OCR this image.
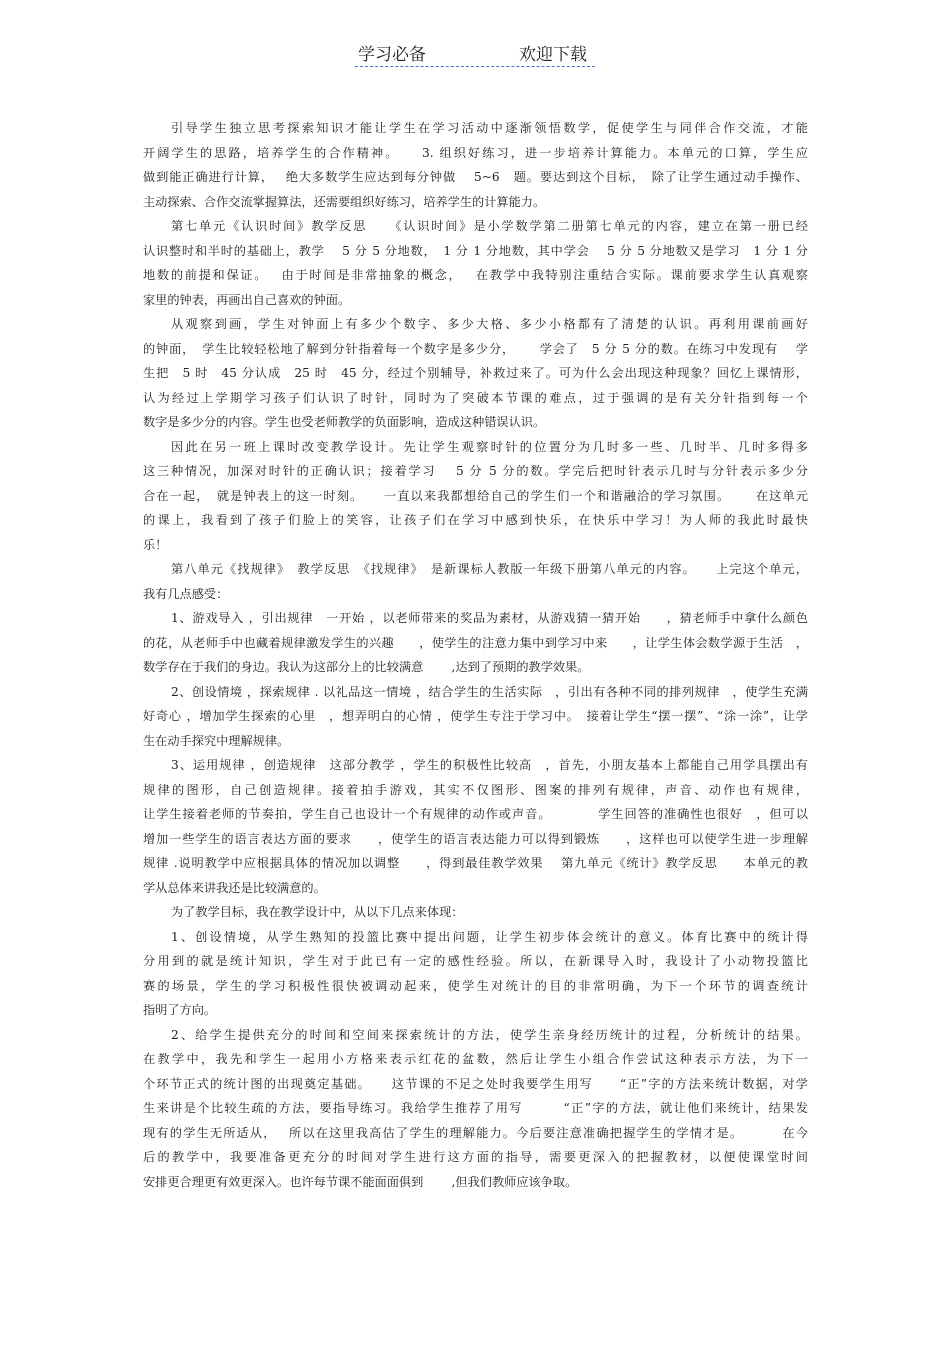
学习必备	欢迎下载
引导学生独立思考探索知识才能让学生在学习活动中逐渐领悟数学，促使学生与同伴合作交流，才能
开阔学生的思路，培养学生的合作精神。　　3. 组织好练习，进一步培养计算能力。本单元的口算，学生应
做到能正确进行计算，　 绝大多数学生应达到每分钟做　 5~6　题。要达到这个目标，　除了让学生通过动手操作、
主动探索、合作交流掌握算法，还需要组织好练习，培养学生的计算能力。
第七单元《认识时间》教学反思　　《认识时间》是小学数学第二册第七单元的内容，建立在第一册已经
认识整时和半时的基础上，教学　 5 分 5 分地数，　1 分 1 分地数，其中学会　 5 分 5 分地数又是学习　1 分 1 分
地数的前提和保证。　 由于时间是非常抽象的概念，　 在教学中我特别注重结合实际。课前要求学生认真观察
家里的钟表，再画出自己喜欢的钟面。
从观察到画，学生对钟面上有多少个数字、多少大格、多少小格都有了清楚的认识。再利用课前画好
的钟面，　学生比较轻松地了解到分针指着每一个数字是多少分，　　 学会了　5 分 5 分的数。在练习中发现有　 学
生把　5 时　45 分认成　25 时　45 分，经过个别辅导，补救过来了。可为什么会出现这种现象？回忆上课情形，
认为经过上学期学习孩子们认识了时针，同时为了突破本节课的难点，过于强调的是有关分针指到每一个
数字是多少分的内容。学生也受老师教学的负面影响，造成这种错误认识。
因此在另一班上课时改变教学设计。先让学生观察时针的位置分为几时多一些、几时半、几时多得多
这三种情况，加深对时针的正确认识；接着学习　 5 分 5 分的数。学完后把时针表示几时与分针表示多少分
合在一起，　就是钟表上的这一时刻。　　一直以来我都想给自己的学生们一个和谐融洽的学习氛围。　　 在这单元
的课上，我看到了孩子们脸上的笑容，让孩子们在学习中感到快乐，在快乐中学习！为人师的我此时最快
乐！
第八单元《找规律》　教学反思　《找规律》　是新课标人教版一年级下册第八单元的内容。　　上完这个单元，
我有几点感受：
1、游戏导入 ，引出规律　一开始 ，以老师带来的奖品为素材，从游戏猜一猜开始　　，猜老师手中拿什么颜色
的花，从老师手中也藏着规律激发学生的兴趣　　，使学生的注意力集中到学习中来　　，让学生体会数学源于生活　，
数学存在于我们的身边。我认为这部分上的比较满意　　 ,达到了预期的教学效果。
2、创设情境 ，探索规律 . 以礼品这一情境 ，结合学生的生活实际　，引出有各种不同的排列规律　，使学生充满
好奇心 ，增加学生探索的心里　，想弄明白的心情 ，使学生专注于学习中。　接着让学生“摆一摆”、“涂一涂”，让学
生在动手探究中理解规律。
3、运用规律 ，创造规律　这部分教学 ，学生的积极性比较高　，首先，小朋友基本上都能自己用学具摆出有
规律的图形，自己创造规律。接着拍手游戏，其实不仅图形、图案的排列有规律，声音、动作也有规律，
让学生接着老师的节奏拍，学生自己也设计一个有规律的动作或声音。　　　　学生回答的准确性也很好　，但可以
增加一些学生的语言表达方面的要求　　，使学生的语言表达能力可以得到锻炼　　，这样也可以使学生进一步理解
规律 .说明教学中应根据具体的情况加以调整　　，得到最佳教学效果　 第九单元《统计》教学反思　　本单元的教
学从总体来讲我还是比较满意的。
为了教学目标，我在教学设计中，从以下几点来体现：
1、创设情境，从学生熟知的投篮比赛中提出问题，让学生初步体会统计的意义。体育比赛中的统计得
分用到的就是统计知识，学生对于此已有一定的感性经验。所以，在新课导入时，我设计了小动物投篮比
赛的场景，学生的学习积极性很快被调动起来，使学生对统计的目的非常明确，为下一个环节的调查统计
指明了方向。
2、给学生提供充分的时间和空间来探索统计的方法，使学生亲身经历统计的过程，分析统计的结果。
在教学中，我先和学生一起用小方格来表示红花的盆数，然后让学生小组合作尝试这种表示方法，为下一
个环节正式的统计图的出现奠定基础。　　这节课的不足之处时我要学生用写　　“正”字的方法来统计数据，对学
生来讲是个比较生疏的方法，要指导练习。我给学生推荐了用写　　　“正”字的方法，就让他们来统计，结果发
现有的学生无所适从，　 所以在这里我高估了学生的理解能力。今后要注意准确把握学生的学情才是。　　　 在今
后的教学中，我要准备更充分的时间对学生进行这方面的指导，需要更深入的把握教材，以便使课堂时间
安排更合理更有效更深入。也许每节课不能面面俱到　　 ,但我们教师应该争取。
